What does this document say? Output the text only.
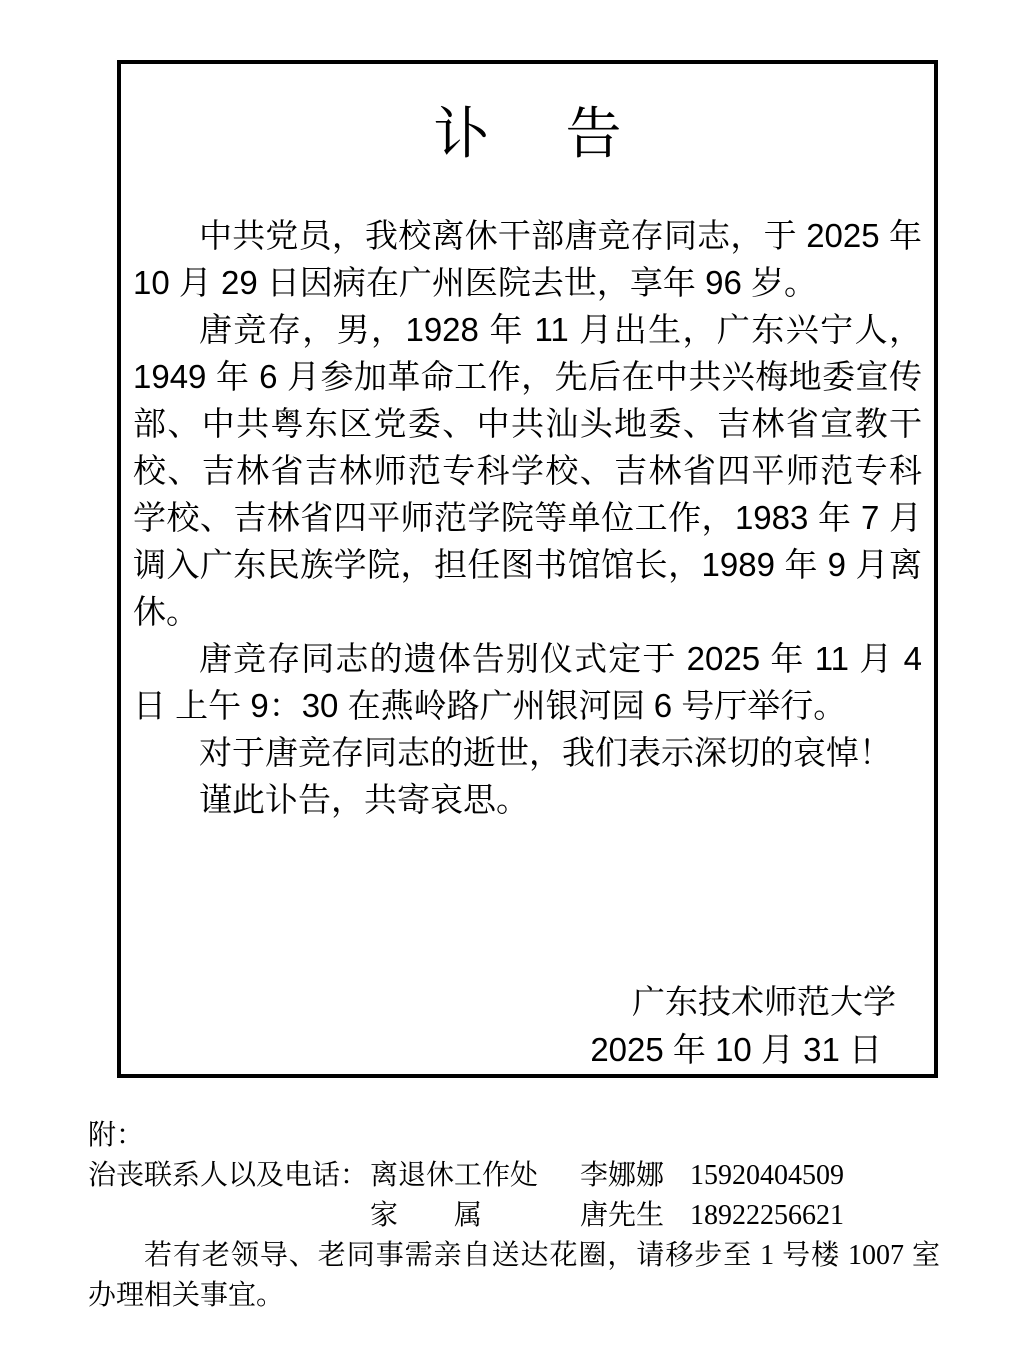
讣　告

中共党员，我校离休干部唐竞存同志，于 2025 年 10 月 29 日因病在广州医院去世，享年 96 岁。

唐竞存，男，1928 年 11 月出生，广东兴宁人，1949 年 6 月参加革命工作，先后在中共兴梅地委宣传部、中共粤东区党委、中共汕头地委、吉林省宣教干校、吉林省吉林师范专科学校、吉林省四平师范专科学校、吉林省四平师范学院等单位工作，1983 年 7 月调入广东民族学院，担任图书馆馆长，1989 年 9 月离休。

唐竞存同志的遗体告别仪式定于 2025 年 11 月 4 日 上午 9：30 在燕岭路广州银河园 6 号厅举行。

对于唐竞存同志的逝世，我们表示深切的哀悼！

谨此讣告，共寄哀思。

广东技术师范大学
2025 年 10 月 31 日
附：
治丧联系人以及电话： 离退休工作处	李娜娜 15920404509
家　　属	唐先生 18922256621

若有老领导、老同事需亲自送达花圈，请移步至 1 号楼 1007 室办理相关事宜。
